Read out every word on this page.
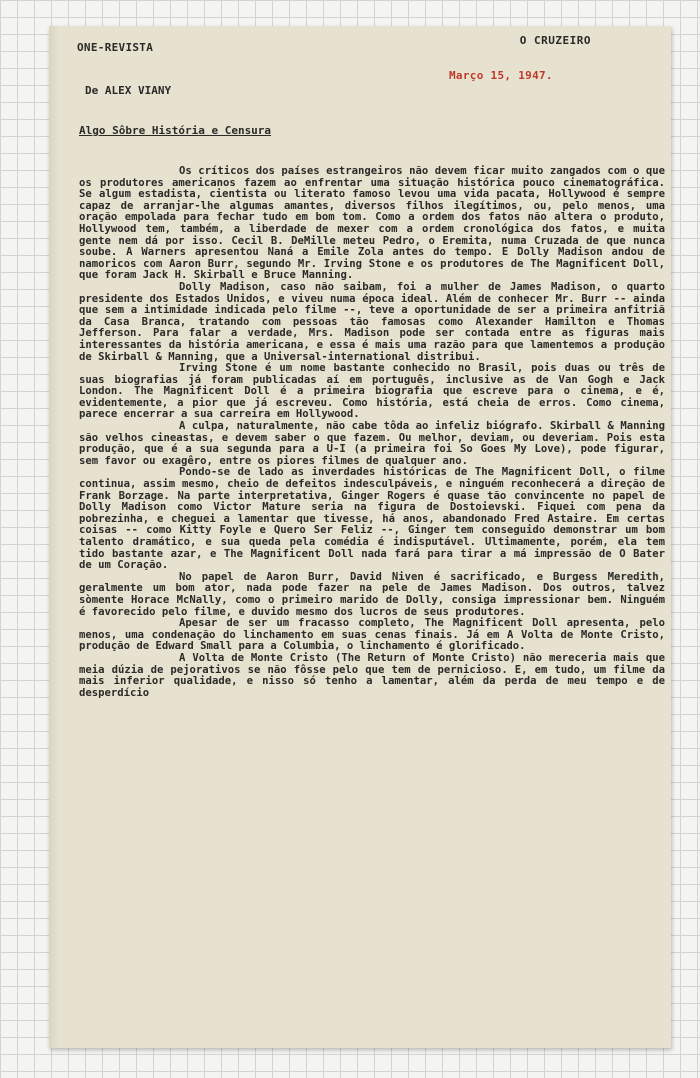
ONE-REVISTA
O CRUZEIRO
Março 15, 1947.
De ALEX VIANY
Algo Sôbre História e Censura

Os críticos dos países estrangeiros não devem ficar muito zangados com o que os produtores americanos fazem ao enfrentar uma situação histórica pouco cinematográfica. Se algum estadista, cientista ou literato famoso levou uma vida pacata, Hollywood é sempre capaz de arranjar-lhe algumas amantes, diversos filhos ilegítimos, ou, pelo menos, uma oração empolada para fechar tudo em bom tom. Como a ordem dos fatos não altera o produto, Hollywood tem, também, a liberdade de mexer com a ordem cronológica dos fatos, e muita gente nem dá por isso. Cecil B. DeMille meteu Pedro, o Eremita, numa Cruzada de que nunca soube. A Warners apresentou Naná a Emile Zola antes do tempo. E Dolly Madison andou de namoricos com Aaron Burr, segundo Mr. Irving Stone e os produtores de The Magnificent Doll, que foram Jack H. Skirball e Bruce Manning.

Dolly Madison, caso não saibam, foi a mulher de James Madison, o quarto presidente dos Estados Unidos, e viveu numa época ideal. Além de conhecer Mr. Burr -- ainda que sem a intimidade indicada pelo filme --, teve a oportunidade de ser a primeira anfitriã da Casa Branca, tratando com pessoas tão famosas como Alexander Hamilton e Thomas Jefferson. Para falar a verdade, Mrs. Madison pode ser contada entre as figuras mais interessantes da história americana, e essa é mais uma razão para que lamentemos a produção de Skirball & Manning, que a Universal-international distribui.

Irving Stone é um nome bastante conhecido no Brasil, pois duas ou três de suas biografias já foram publicadas aí em português, inclusive as de Van Gogh e Jack London. The Magnificent Doll é a primeira biografia que escreve para o cinema, e é, evidentemente, a pior que já escreveu. Como história, está cheia de erros. Como cinema, parece encerrar a sua carreira em Hollywood.

A culpa, naturalmente, não cabe tôda ao infeliz biógrafo. Skirball & Manning são velhos cineastas, e devem saber o que fazem. Ou melhor, deviam, ou deveriam. Pois esta produção, que é a sua segunda para a U-I (a primeira foi So Goes My Love), pode figurar, sem favor ou exagêro, entre os piores filmes de qualquer ano.

Pondo-se de lado as inverdades históricas de The Magnificent Doll, o filme continua, assim mesmo, cheio de defeitos indesculpáveis, e ninguém reconhecerá a direção de Frank Borzage. Na parte interpretativa, Ginger Rogers é quase tão convincente no papel de Dolly Madison como Victor Mature seria na figura de Dostoievski. Fiquei com pena da pobrezinha, e cheguei a lamentar que tivesse, há anos, abandonado Fred Astaire. Em certas coisas -- como Kitty Foyle e Quero Ser Feliz --, Ginger tem conseguido demonstrar um bom talento dramático, e sua queda pela comédia é indisputável. Ultimamente, porém, ela tem tido bastante azar, e The Magnificent Doll nada fará para tirar a má impressão de O Bater de um Coração.

No papel de Aaron Burr, David Niven é sacrificado, e Burgess Meredith, geralmente um bom ator, nada pode fazer na pele de James Madison. Dos outros, talvez sòmente Horace McNally, como o primeiro marido de Dolly, consiga impressionar bem. Ninguém é favorecido pelo filme, e duvido mesmo dos lucros de seus produtores.

Apesar de ser um fracasso completo, The Magnificent Doll apresenta, pelo menos, uma condenação do linchamento em suas cenas finais. Já em A Volta de Monte Cristo, produção de Edward Small para a Columbia, o linchamento é glorificado.

A Volta de Monte Cristo (The Return of Monte Cristo) não mereceria mais que meia dúzia de pejorativos se não fôsse pelo que tem de pernicioso. E, em tudo, um filme da mais inferior qualidade, e nisso só tenho a lamentar, além da perda de meu tempo e de desperdício
